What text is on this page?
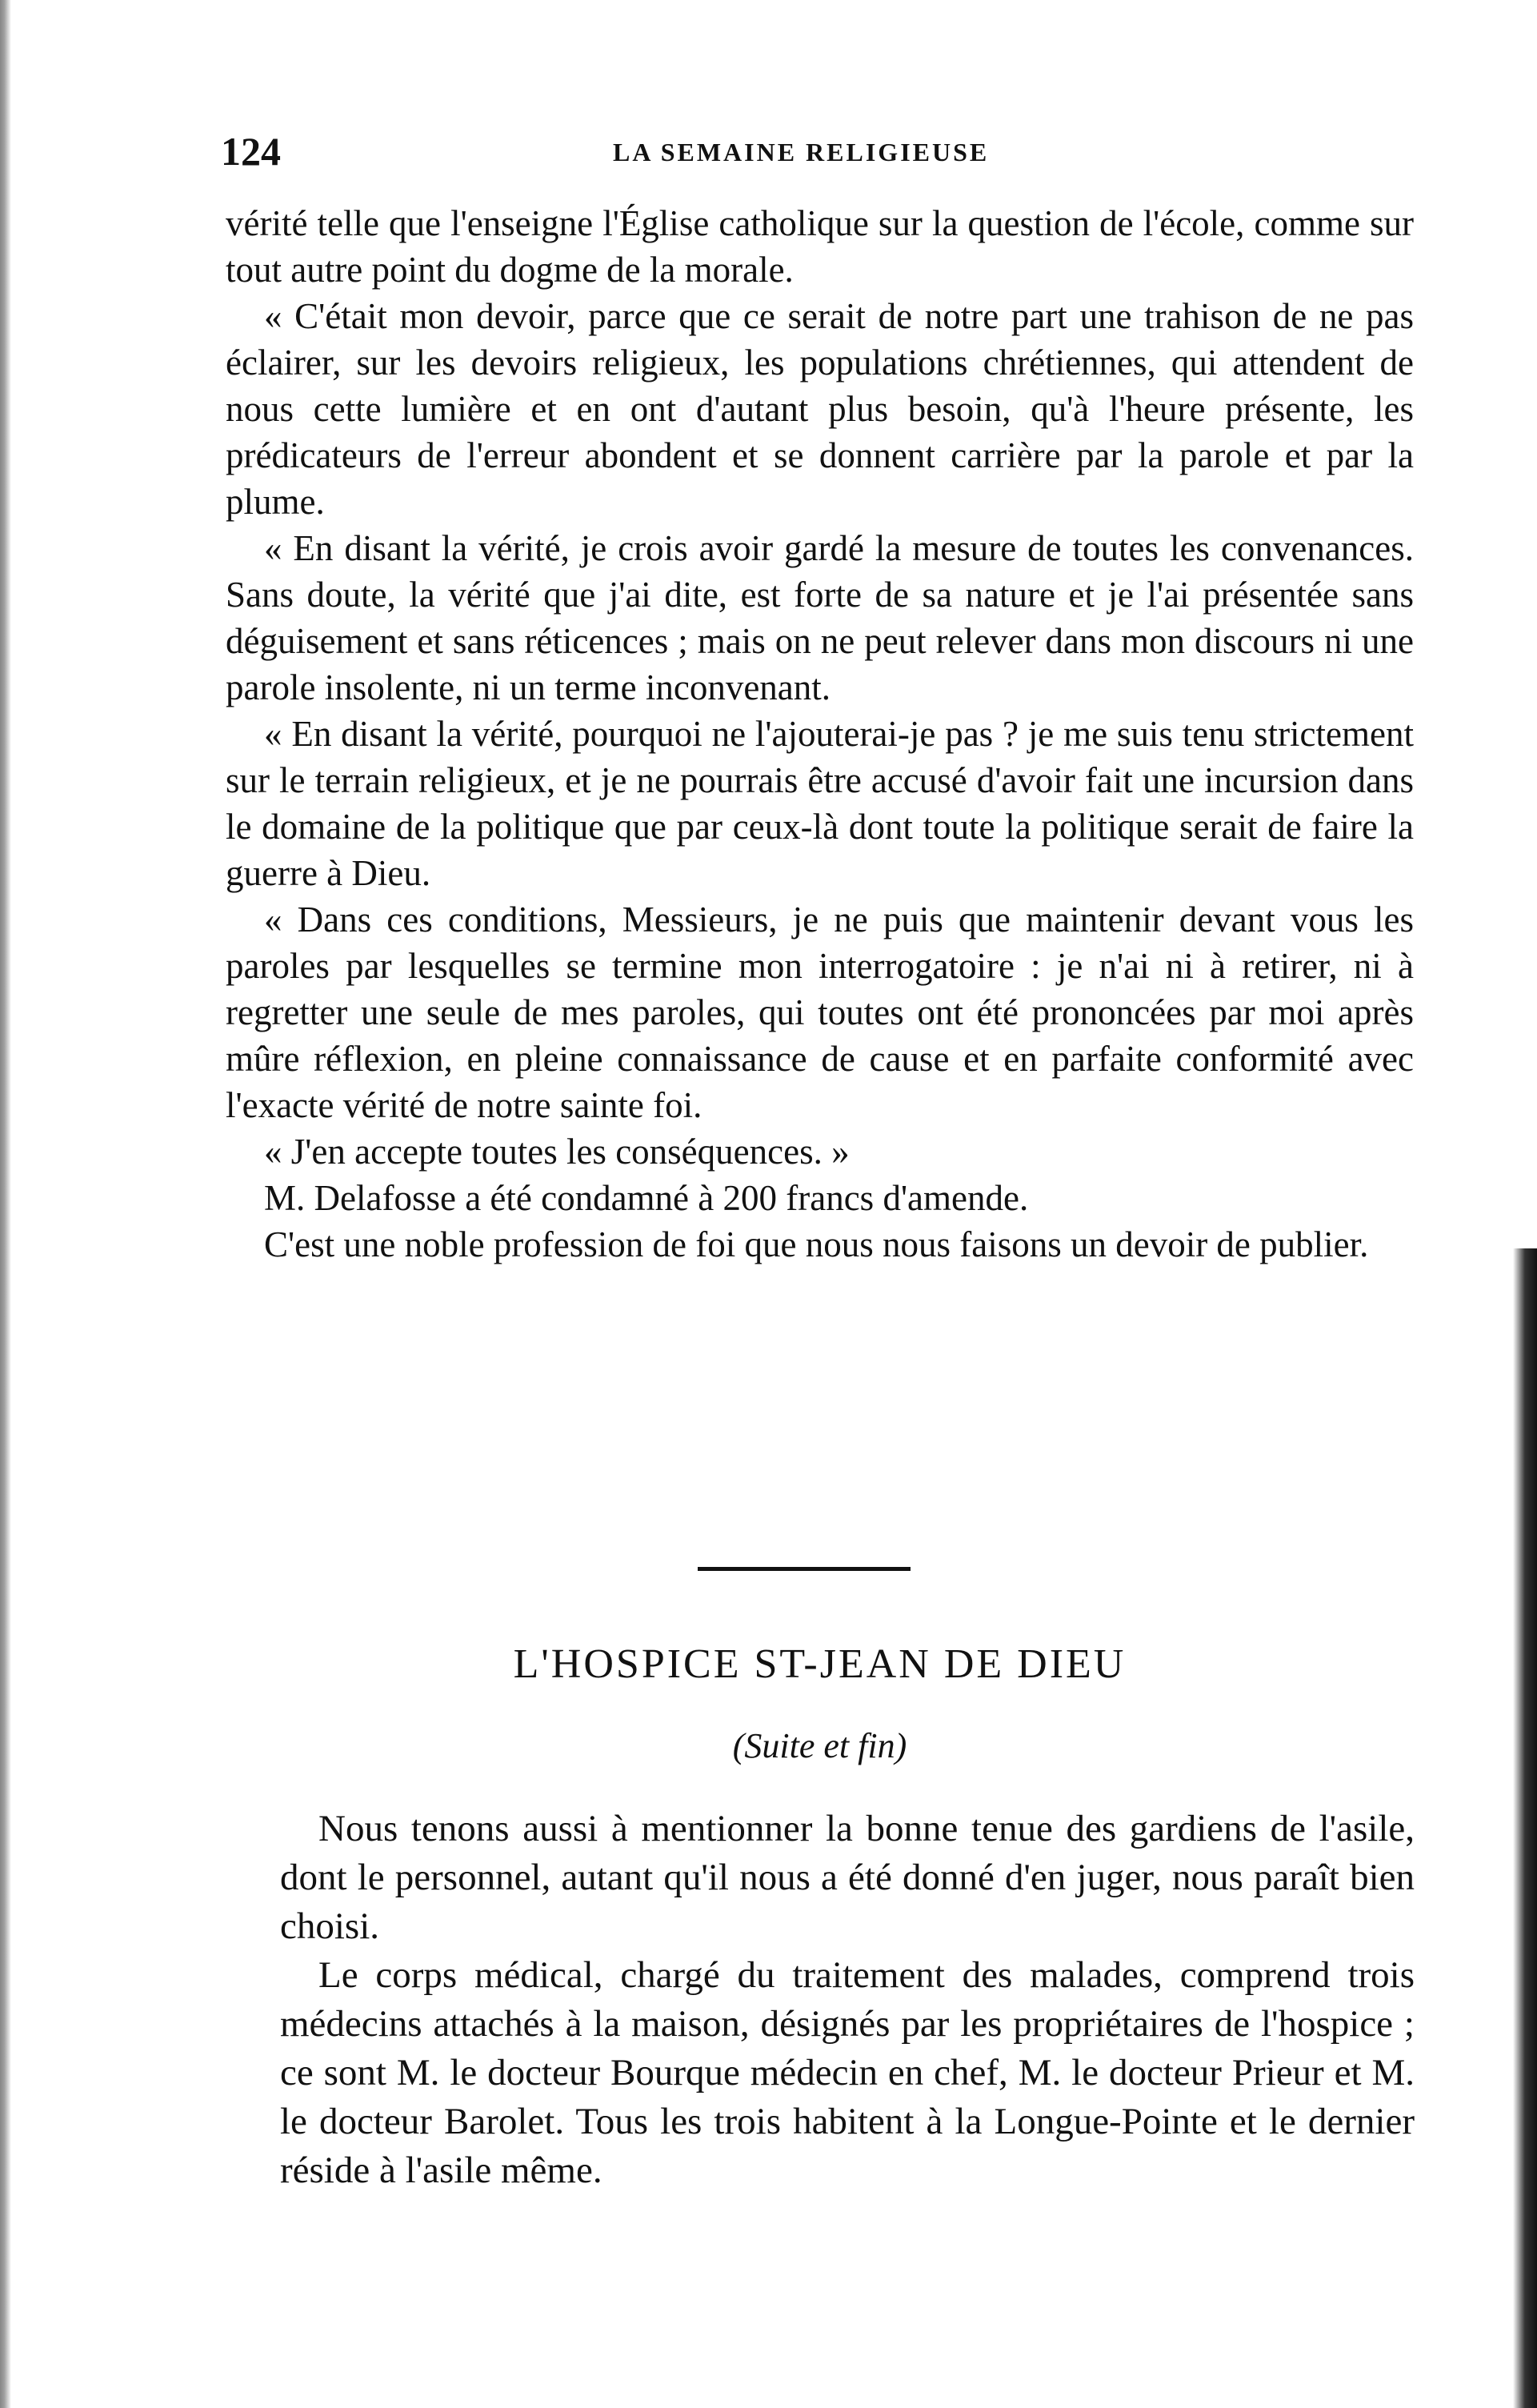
124	LA SEMAINE RELIGIEUSE

vérité telle que l'enseigne l'Église catholique sur la question de l'école, comme sur tout autre point du dogme de la morale.

« C'était mon devoir, parce que ce serait de notre part une trahison de ne pas éclairer, sur les devoirs religieux, les populations chrétiennes, qui attendent de nous cette lumière et en ont d'autant plus besoin, qu'à l'heure présente, les prédicateurs de l'erreur abondent et se donnent carrière par la parole et par la plume.

« En disant la vérité, je crois avoir gardé la mesure de toutes les convenances. Sans doute, la vérité que j'ai dite, est forte de sa nature et je l'ai présentée sans déguisement et sans réticences ; mais on ne peut relever dans mon discours ni une parole insolente, ni un terme inconvenant.

« En disant la vérité, pourquoi ne l'ajouterai-je pas ? je me suis tenu strictement sur le terrain religieux, et je ne pourrais être accusé d'avoir fait une incursion dans le domaine de la politique que par ceux-là dont toute la politique serait de faire la guerre à Dieu.

« Dans ces conditions, Messieurs, je ne puis que maintenir devant vous les paroles par lesquelles se termine mon interrogatoire : je n'ai ni à retirer, ni à regretter une seule de mes paroles, qui toutes ont été prononcées par moi après mûre réflexion, en pleine connaissance de cause et en parfaite conformité avec l'exacte vérité de notre sainte foi.

« J'en accepte toutes les conséquences. »

M. Delafosse a été condamné à 200 francs d'amende.

C'est une noble profession de foi que nous nous faisons un devoir de publier.

L'HOSPICE ST-JEAN DE DIEU
(Suite et fin)

Nous tenons aussi à mentionner la bonne tenue des gardiens de l'asile, dont le personnel, autant qu'il nous a été donné d'en juger, nous paraît bien choisi.

Le corps médical, chargé du traitement des malades, comprend trois médecins attachés à la maison, désignés par les propriétaires de l'hospice ; ce sont M. le docteur Bourque médecin en chef, M. le docteur Prieur et M. le docteur Barolet. Tous les trois habitent à la Longue-Pointe et le dernier réside à l'asile même.
